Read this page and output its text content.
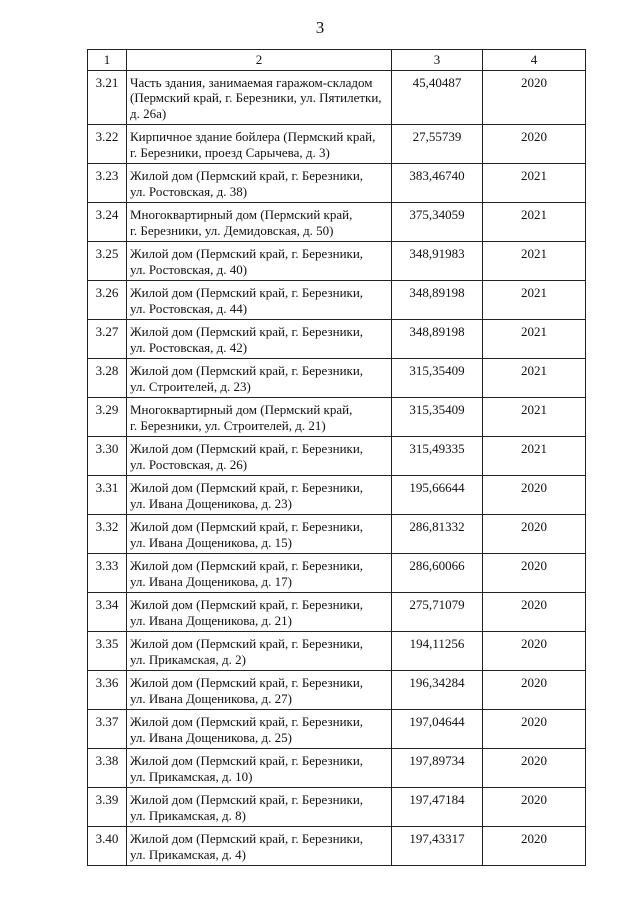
3
1	2	3	4
3.21	Часть здания, занимаемая гаражом-складом
(Пермский край, г. Березники, ул. Пятилетки,
д. 26а)	45,40487	2020
3.22	Кирпичное здание бойлера (Пермский край,
г. Березники, проезд Сарычева, д. 3)	27,55739	2020
3.23	Жилой дом (Пермский край, г. Березники,
ул. Ростовская, д. 38)	383,46740	2021
3.24	Многоквартирный дом (Пермский край,
г. Березники, ул. Демидовская, д. 50)	375,34059	2021
3.25	Жилой дом (Пермский край, г. Березники,
ул. Ростовская, д. 40)	348,91983	2021
3.26	Жилой дом (Пермский край, г. Березники,
ул. Ростовская, д. 44)	348,89198	2021
3.27	Жилой дом (Пермский край, г. Березники,
ул. Ростовская, д. 42)	348,89198	2021
3.28	Жилой дом (Пермский край, г. Березники,
ул. Строителей, д. 23)	315,35409	2021
3.29	Многоквартирный дом (Пермский край,
г. Березники, ул. Строителей, д. 21)	315,35409	2021
3.30	Жилой дом (Пермский край, г. Березники,
ул. Ростовская, д. 26)	315,49335	2021
3.31	Жилой дом (Пермский край, г. Березники,
ул. Ивана Дощеникова, д. 23)	195,66644	2020
3.32	Жилой дом (Пермский край, г. Березники,
ул. Ивана Дощеникова, д. 15)	286,81332	2020
3.33	Жилой дом (Пермский край, г. Березники,
ул. Ивана Дощеникова, д. 17)	286,60066	2020
3.34	Жилой дом (Пермский край, г. Березники,
ул. Ивана Дощеникова, д. 21)	275,71079	2020
3.35	Жилой дом (Пермский край, г. Березники,
ул. Прикамская, д. 2)	194,11256	2020
3.36	Жилой дом (Пермский край, г. Березники,
ул. Ивана Дощеникова, д. 27)	196,34284	2020
3.37	Жилой дом (Пермский край, г. Березники,
ул. Ивана Дощеникова, д. 25)	197,04644	2020
3.38	Жилой дом (Пермский край, г. Березники,
ул. Прикамская, д. 10)	197,89734	2020
3.39	Жилой дом (Пермский край, г. Березники,
ул. Прикамская, д. 8)	197,47184	2020
3.40	Жилой дом (Пермский край, г. Березники,
ул. Прикамская, д. 4)	197,43317	2020
